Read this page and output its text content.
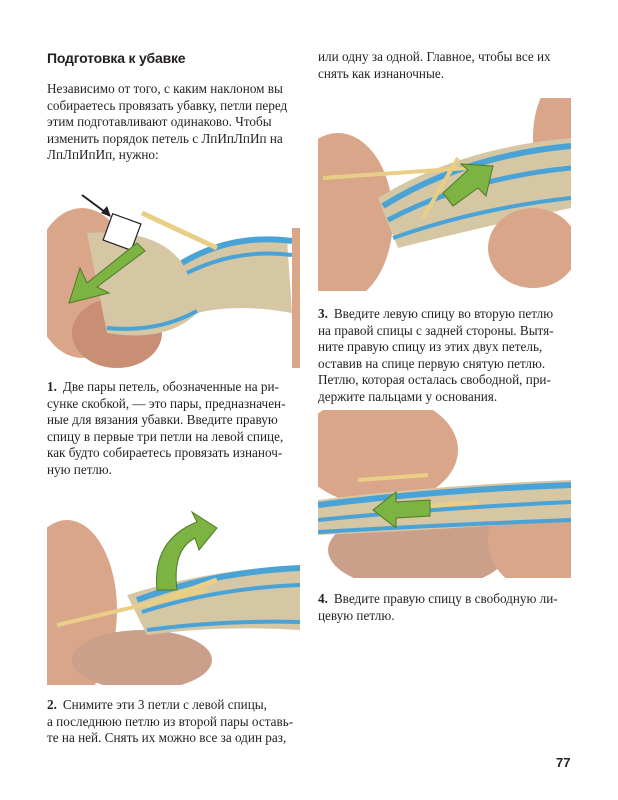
Подготовка к убавке
Независимо от того, с каким наклоном вы
собираетесь провязать убавку, петли перед
этим подготавливают одинаково. Чтобы
изменить порядок петель с ЛпИпЛпИп на
ЛпЛпИпИп, нужно:
1. Две пары петель, обозначенные на ри-
сунке скобкой, — это пары, предназначен-
ные для вязания убавки. Введите правую
спицу в первые три петли на левой спице,
как будто собираетесь провязать изнаноч-
ную петлю.
2. Снимите эти 3 петли с левой спицы,
а последнюю петлю из второй пары оставь-
те на ней. Снять их можно все за один раз,
или одну за одной. Главное, чтобы все их
снять как изнаночные.
3. Введите левую спицу во вторую петлю
на правой спицы с задней стороны. Вытя-
ните правую спицу из этих двух петель,
оставив на спице первую снятую петлю.
Петлю, которая осталась свободной, при-
держите пальцами у основания.
4. Введите правую спицу в свободную ли-
цевую петлю.
77
